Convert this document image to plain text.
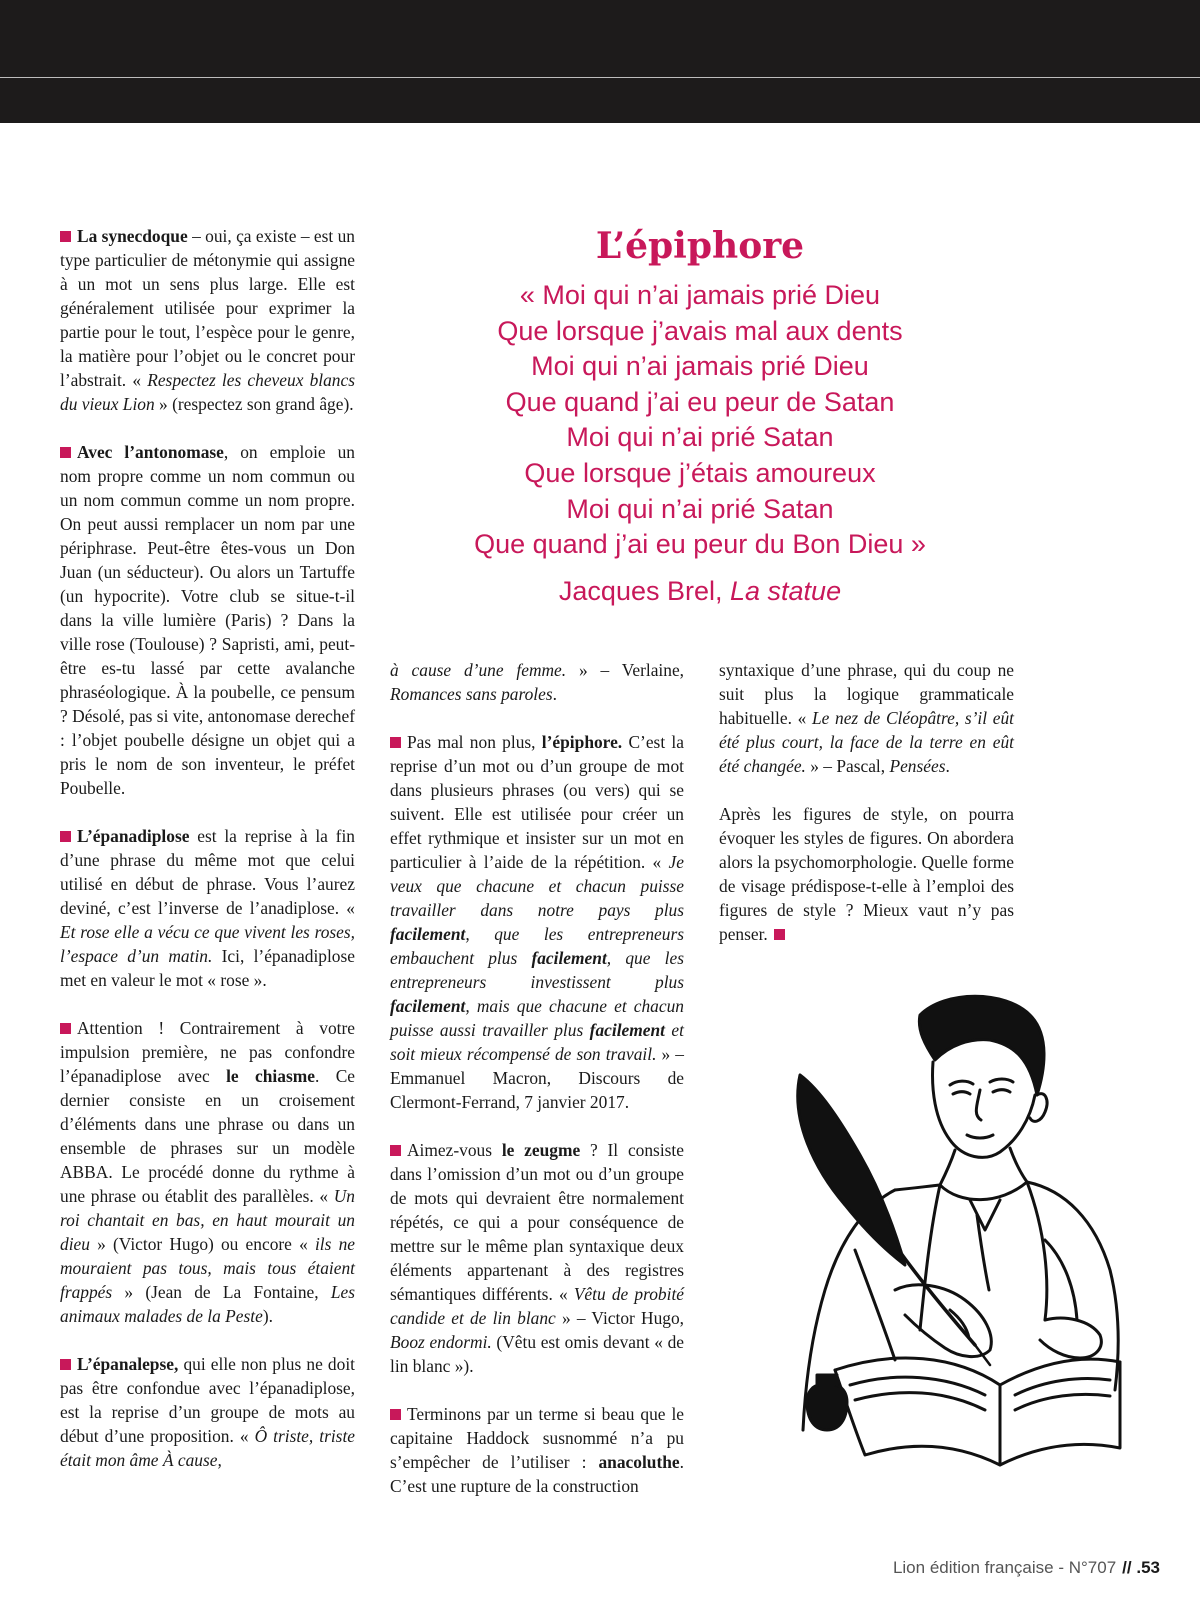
La synecdoque – oui, ça existe – est un type particulier de métonymie qui assigne à un mot un sens plus large. Elle est généralement utilisée pour exprimer la partie pour le tout, l’espèce pour le genre, la matière pour l’objet ou le concret pour l’abstrait. « Respectez les cheveux blancs du vieux Lion » (respectez son grand âge).

Avec l’antonomase, on emploie un nom propre comme un nom commun ou un nom commun comme un nom propre. On peut aussi remplacer un nom par une périphrase. Peut-être êtes-vous un Don Juan (un séducteur). Ou alors un Tartuffe (un hypocrite). Votre club se situe-t-il dans la ville lumière (Paris) ? Dans la ville rose (Toulouse) ? Sapristi, ami, peut-être es-tu lassé par cette avalanche phraséologique. À la poubelle, ce pensum ? Désolé, pas si vite, antonomase derechef : l’objet poubelle désigne un objet qui a pris le nom de son inventeur, le préfet Poubelle.

L’épanadiplose est la reprise à la fin d’une phrase du même mot que celui utilisé en début de phrase. Vous l’aurez deviné, c’est l’inverse de l’anadiplose. « Et rose elle a vécu ce que vivent les roses, l’espace d’un matin. Ici, l’épanadiplose met en valeur le mot « rose ».

Attention ! Contrairement à votre impulsion première, ne pas confondre l’épanadiplose avec le chiasme. Ce dernier consiste en un croisement d’éléments dans une phrase ou dans un ensemble de phrases sur un modèle ABBA. Le procédé donne du rythme à une phrase ou établit des parallèles. « Un roi chantait en bas, en haut mourait un dieu » (Victor Hugo) ou encore « ils ne mouraient pas tous, mais tous étaient frappés » (Jean de La Fontaine, Les animaux malades de la Peste).

L’épanalepse, qui elle non plus ne doit pas être confondue avec l’épanadiplose, est la reprise d’un groupe de mots au début d’une proposition. « Ô triste, triste était mon âme À cause,

L’épiphore
« Moi qui n’ai jamais prié Dieu
Que lorsque j’avais mal aux dents
Moi qui n’ai jamais prié Dieu
Que quand j’ai eu peur de Satan
Moi qui n’ai prié Satan
Que lorsque j’étais amoureux
Moi qui n’ai prié Satan
Que quand j’ai eu peur du Bon Dieu »
Jacques Brel, La statue

à cause d’une femme. » – Verlaine, Romances sans paroles.

Pas mal non plus, l’épiphore. C’est la reprise d’un mot ou d’un groupe de mot dans plusieurs phrases (ou vers) qui se suivent. Elle est utilisée pour créer un effet rythmique et insister sur un mot en particulier à l’aide de la répétition. « Je veux que chacune et chacun puisse travailler dans notre pays plus facilement, que les entrepreneurs embauchent plus facilement, que les entrepreneurs investissent plus facilement, mais que chacune et chacun puisse aussi travailler plus facilement et soit mieux récompensé de son travail. » – Emmanuel Macron, Discours de Clermont-Ferrand, 7 janvier 2017.

Aimez-vous le zeugme ? Il consiste dans l’omission d’un mot ou d’un groupe de mots qui devraient être normalement répétés, ce qui a pour conséquence de mettre sur le même plan syntaxique deux éléments appartenant à des registres sémantiques différents. « Vêtu de probité candide et de lin blanc » – Victor Hugo, Booz endormi. (Vêtu est omis devant « de lin blanc »).

Terminons par un terme si beau que le capitaine Haddock susnommé n’a pu s’empêcher de l’utiliser : anacoluthe. C’est une rupture de la construction

syntaxique d’une phrase, qui du coup ne suit plus la logique grammaticale habituelle. « Le nez de Cléopâtre, s’il eût été plus court, la face de la terre en eût été changée. » – Pascal, Pensées.

Après les figures de style, on pourra évoquer les styles de figures. On abordera alors la psychomorphologie. Quelle forme de visage prédispose-t-elle à l’emploi des figures de style ? Mieux vaut n’y pas penser.

Lion édition française - N°707 // .53
